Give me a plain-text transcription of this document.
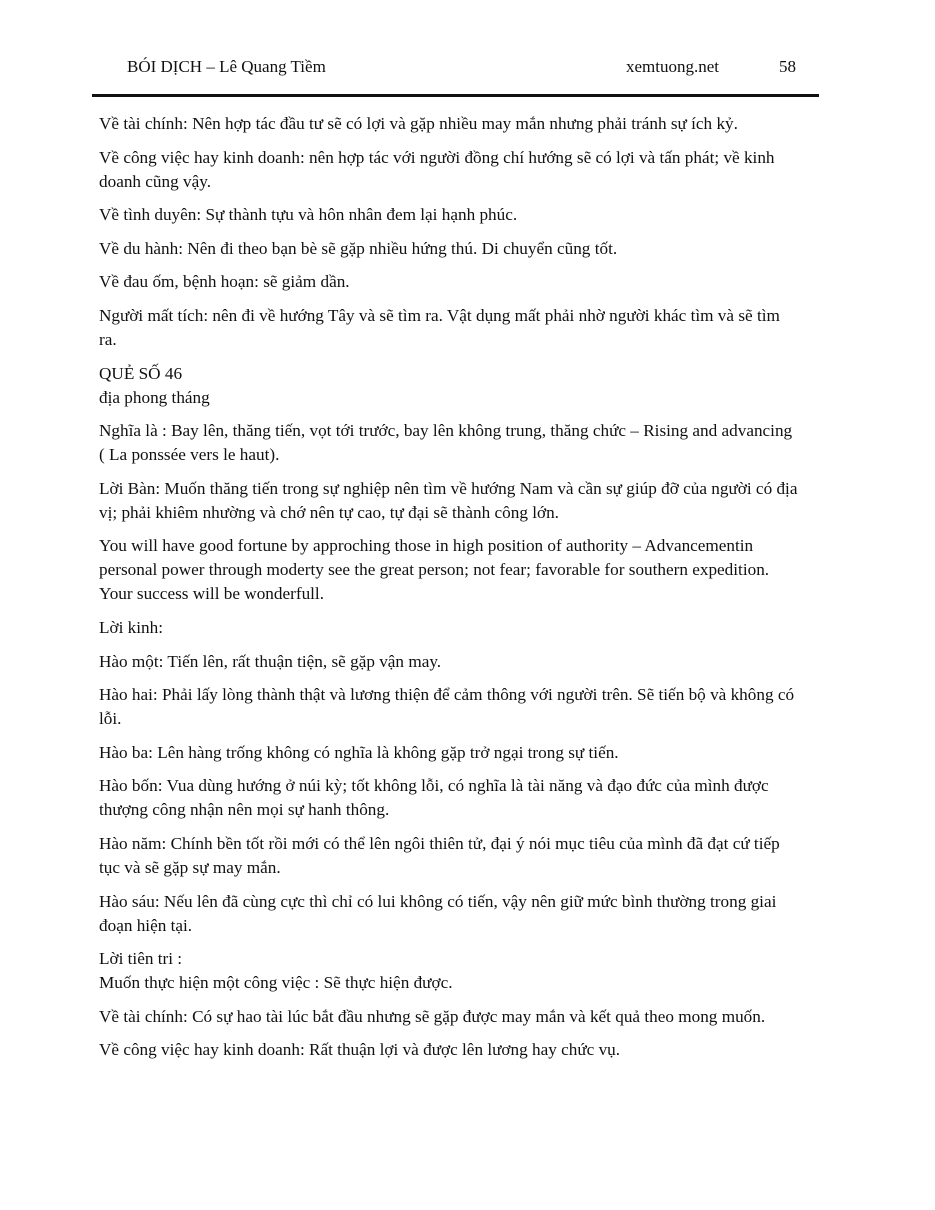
BÓI DỊCH – Lê Quang Tiềm	xemtuong.net	58

Về tài chính: Nên hợp tác đầu tư sẽ có lợi và gặp nhiều may mắn nhưng phải tránh sự ích kỷ.

Về công việc hay kinh doanh: nên hợp tác với người đồng chí hướng sẽ có lợi và tấn phát; về kinh doanh cũng vậy.

Về tình duyên: Sự thành tựu và hôn nhân đem lại hạnh phúc.

Về du hành: Nên đi theo bạn bè sẽ gặp nhiều hứng thú. Di chuyển cũng tốt.

Về đau ốm, bệnh hoạn: sẽ giảm dần.

Người mất tích: nên đi về hướng Tây và sẽ tìm ra. Vật dụng mất phải nhờ người khác tìm và sẽ tìm ra.

QUẺ SỐ 46

địa phong tháng

Nghĩa là : Bay lên, thăng tiến, vọt tới trước, bay lên không trung, thăng chức – Rising and advancing ( La ponssée vers le haut).

Lời Bàn: Muốn thăng tiến trong sự nghiệp nên tìm về hướng Nam và cần sự giúp đỡ của người có địa vị; phải khiêm nhường và chớ nên tự cao, tự đại sẽ thành công lớn.

You will have good fortune by approching those in high position of authority – Advancementin personal power through moderty see the great person; not fear; favorable for southern expedition. Your success will be wonderfull.

Lời kinh:

Hào một: Tiến lên, rất thuận tiện, sẽ gặp vận may.

Hào hai: Phải lấy lòng thành thật và lương thiện để cảm thông với người trên. Sẽ tiến bộ và không có lỗi.

Hào ba: Lên hàng trống không có nghĩa là không gặp trở ngại trong sự tiến.

Hào bốn: Vua dùng hướng ở núi kỳ; tốt không lỗi, có nghĩa là tài năng và đạo đức của mình được thượng công nhận nên mọi sự hanh thông.

Hào năm: Chính bền tốt rồi mới có thể lên ngôi thiên tử, đại ý nói mục tiêu của mình đã đạt cứ tiếp tục và sẽ gặp sự may mắn.

Hào sáu: Nếu lên đã cùng cực thì chỉ có lui không có tiến, vậy nên giữ mức bình thường trong giai đoạn hiện tại.

Lời tiên tri :

Muốn thực hiện một công việc : Sẽ thực hiện được.

Về tài chính: Có sự hao tài lúc bắt đầu nhưng sẽ gặp được may mắn và kết quả theo mong muốn.

Về công việc hay kinh doanh: Rất thuận lợi và được lên lương hay chức vụ.
